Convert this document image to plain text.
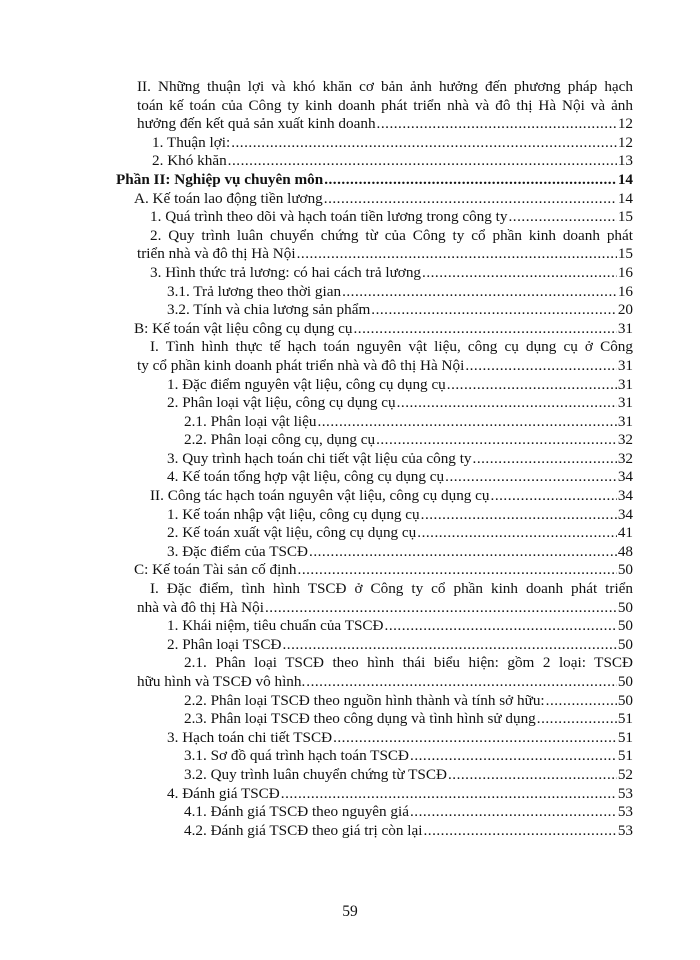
II. Những thuận lợi và khó khăn cơ bản ảnh hưởng đến phương pháp hạch
toán kế toán của Công ty kinh doanh phát triển nhà và đô thị Hà Nội và ảnh
hưởng đến kết quả sản xuất kinh doanh .....	12
1. Thuận lợi: .....	12
2. Khó khăn .....	13
Phần II: Nghiệp vụ chuyên môn .....	14
A. Kế toán lao động tiền lương .....	14
1. Quá trình theo dõi và hạch toán tiền lương trong công ty .....	15
2. Quy trình luân chuyển chứng từ của Công ty cổ phần kinh doanh phát
triển nhà và đô thị Hà Nội .....	15
3. Hình thức trả lương: có hai cách trả lương .....	16
3.1. Trả lương theo thời gian .....	16
3.2. Tính và chia lương sản phẩm .....	20
B: Kế toán vật liệu công cụ dụng cụ .....	31
I. Tình hình thực tế hạch toán nguyên vật liệu, công cụ dụng cụ ở Công
ty cổ phần kinh doanh phát triển nhà và đô thị Hà Nội .....	31
1. Đặc điểm nguyên vật liệu, công cụ dụng cụ .....	31
2. Phân loại vật liệu, công cụ dụng cụ .....	31
2.1. Phân loại vật liệu .....	31
2.2. Phân loại công cụ, dụng cụ .....	32
3. Quy trình hạch toán chi tiết vật liệu của công ty .....	32
4. Kế toán tổng hợp vật liệu, công cụ dụng cụ .....	34
II. Công tác hạch toán nguyên vật liệu, công cụ dụng cụ .....	34
1. Kế toán nhập vật liệu, công cụ dụng cụ .....	34
2. Kế toán xuất vật liệu, công cụ dụng cụ .....	41
3. Đặc điểm của TSCĐ .....	48
C: Kế toán Tài sản cố định .....	50
I. Đặc điểm, tình hình TSCĐ ở Công ty cổ phần kinh doanh phát triển
nhà và đô thị Hà Nội .....	50
1. Khái niệm, tiêu chuẩn của TSCĐ .....	50
2. Phân loại TSCĐ .....	50
2.1. Phân loại TSCĐ theo hình thái biểu hiện: gồm 2 loại: TSCĐ
hữu hình và TSCĐ vô hình. .....	50
2.2. Phân loại TSCĐ theo nguồn hình thành và tính sở hữu: .....	50
2.3. Phân loại TSCĐ theo công dụng và tình hình sử dụng .....	51
3. Hạch toán chi tiết TSCĐ .....	51
3.1. Sơ đồ quá trình hạch toán TSCĐ .....	51
3.2. Quy trình luân chuyển chứng từ TSCĐ .....	52
4. Đánh giá TSCĐ .....	53
4.1. Đánh giá TSCĐ theo nguyên giá .....	53
4.2. Đánh giá TSCĐ theo giá trị còn lại .....	53
59
